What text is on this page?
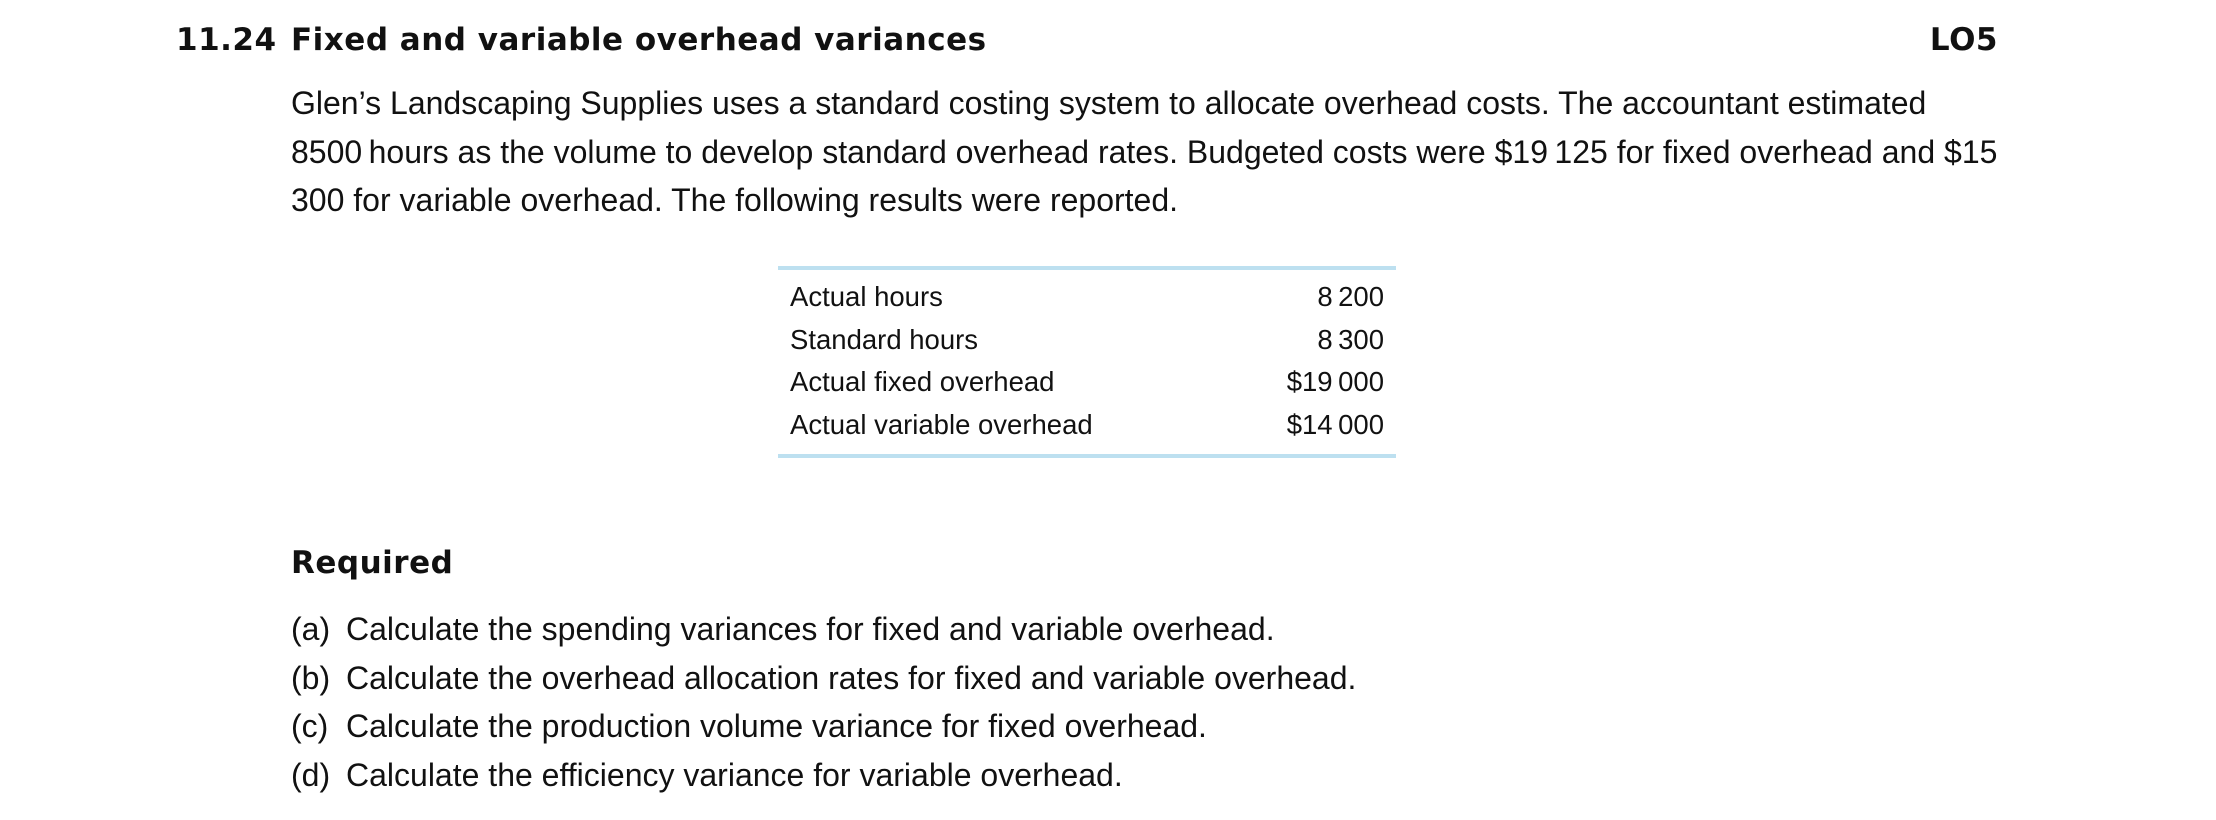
11.24 Fixed and variable overhead variances	LO5

Glen’s Landscaping Supplies uses a standard costing system to allocate overhead costs. The accountant estimated 8500 hours as the volume to develop standard overhead rates. Budgeted costs were $19 125 for fixed overhead and $15 300 for variable overhead. The following results were reported.

Actual hours	8 200
Standard hours	8 300
Actual fixed overhead	$19 000
Actual variable overhead	$14 000
Required
(a) Calculate the spending variances for fixed and variable overhead.
(b) Calculate the overhead allocation rates for fixed and variable overhead.
(c) Calculate the production volume variance for fixed overhead.
(d) Calculate the efficiency variance for variable overhead.
